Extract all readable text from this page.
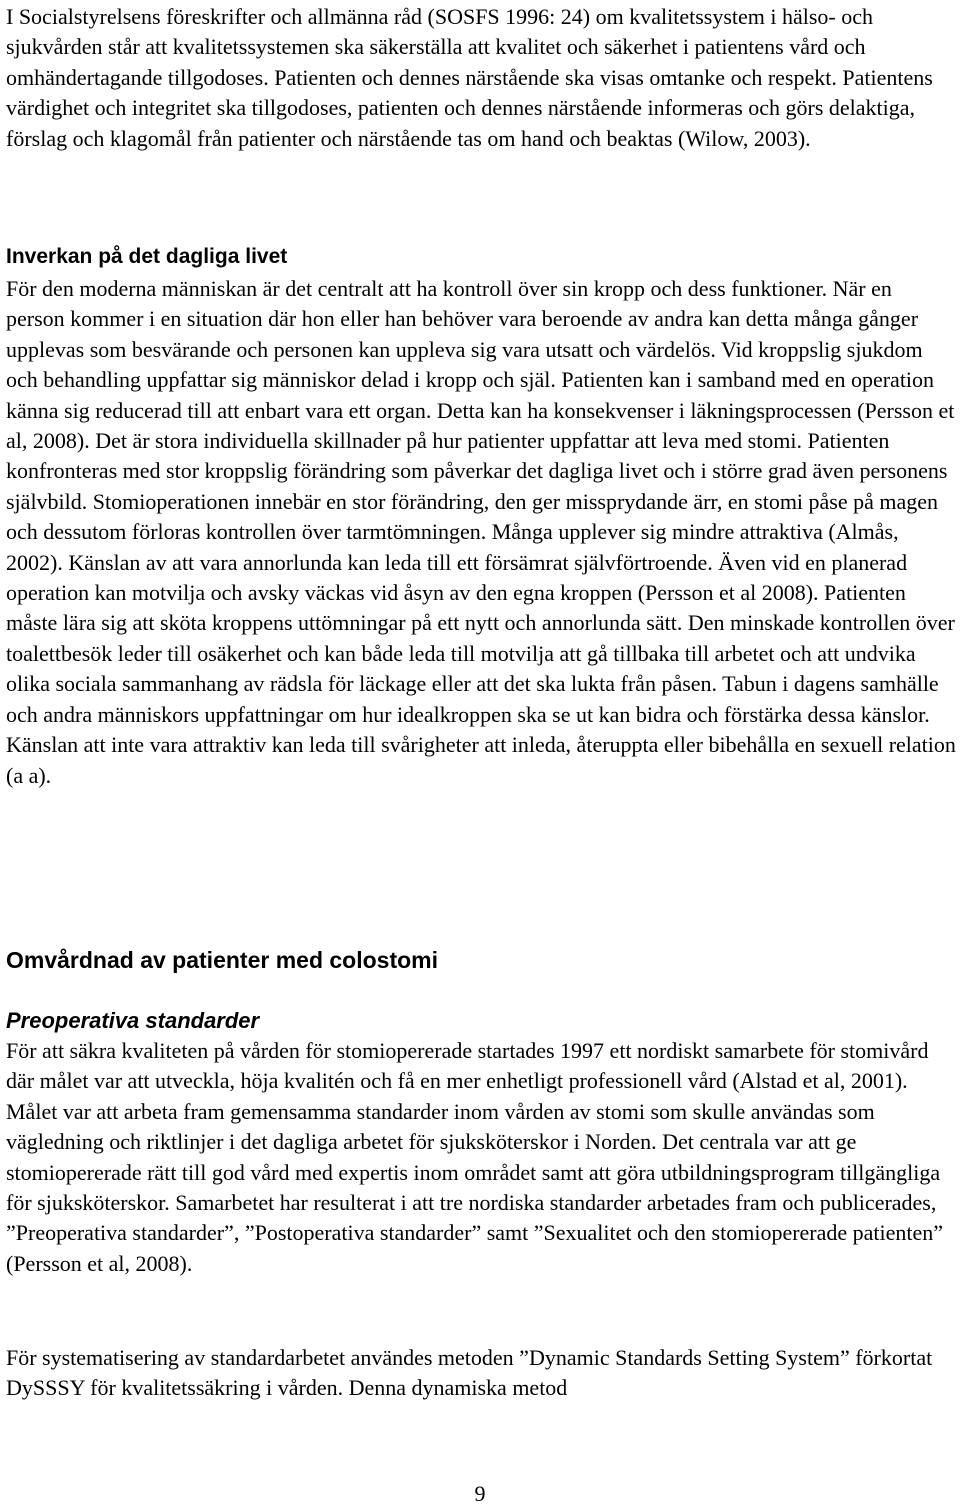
I Socialstyrelsens föreskrifter och allmänna råd (SOSFS 1996: 24) om kvalitetssystem i hälso- och sjukvården står att kvalitetssystemen ska säkerställa att kvalitet och säkerhet i patientens vård och omhändertagande tillgodoses. Patienten och dennes närstående ska visas omtanke och respekt. Patientens värdighet och integritet ska tillgodoses, patienten och dennes närstående informeras och görs delaktiga, förslag och klagomål från patienter och närstående tas om hand och beaktas (Wilow, 2003).

Inverkan på det dagliga livet

För den moderna människan är det centralt att ha kontroll över sin kropp och dess funktioner. När en person kommer i en situation där hon eller han behöver vara beroende av andra kan detta många gånger upplevas som besvärande och personen kan uppleva sig vara utsatt och värdelös. Vid kroppslig sjukdom och behandling uppfattar sig människor delad i kropp och själ. Patienten kan i samband med en operation känna sig reducerad till att enbart vara ett organ. Detta kan ha konsekvenser i läkningsprocessen (Persson et al, 2008). Det är stora individuella skillnader på hur patienter uppfattar att leva med stomi. Patienten konfronteras med stor kroppslig förändring som påverkar det dagliga livet och i större grad även personens självbild. Stomioperationen innebär en stor förändring, den ger missprydande ärr, en stomi påse på magen och dessutom förloras kontrollen över tarmtömningen. Många upplever sig mindre attraktiva (Almås, 2002). Känslan av att vara annorlunda kan leda till ett försämrat självförtroende. Även vid en planerad operation kan motvilja och avsky väckas vid åsyn av den egna kroppen (Persson et al 2008). Patienten måste lära sig att sköta kroppens uttömningar på ett nytt och annorlunda sätt. Den minskade kontrollen över toalettbesök leder till osäkerhet och kan både leda till motvilja att gå tillbaka till arbetet och att undvika olika sociala sammanhang av rädsla för läckage eller att det ska lukta från påsen. Tabun i dagens samhälle och andra människors uppfattningar om hur idealkroppen ska se ut kan bidra och förstärka dessa känslor. Känslan att inte vara attraktiv kan leda till svårigheter att inleda, återuppta eller bibehålla en sexuell relation (a a).

Omvårdnad av patienter med colostomi
Preoperativa standarder

För att säkra kvaliteten på vården för stomiopererade startades 1997 ett nordiskt samarbete för stomivård där målet var att utveckla, höja kvalitén och få en mer enhetligt professionell vård (Alstad et al, 2001). Målet var att arbeta fram gemensamma standarder inom vården av stomi som skulle användas som vägledning och riktlinjer i det dagliga arbetet för sjuksköterskor i Norden. Det centrala var att ge stomiopererade rätt till god vård med expertis inom området samt att göra utbildningsprogram tillgängliga för sjuksköterskor. Samarbetet har resulterat i att tre nordiska standarder arbetades fram och publicerades, ”Preoperativa standarder”, ”Postoperativa standarder” samt ”Sexualitet och den stomiopererade patienten” (Persson et al, 2008).

För systematisering av standardarbetet användes metoden ”Dynamic Standards Setting System” förkortat DySSSY för kvalitetssäkring i vården. Denna dynamiska metod

9
